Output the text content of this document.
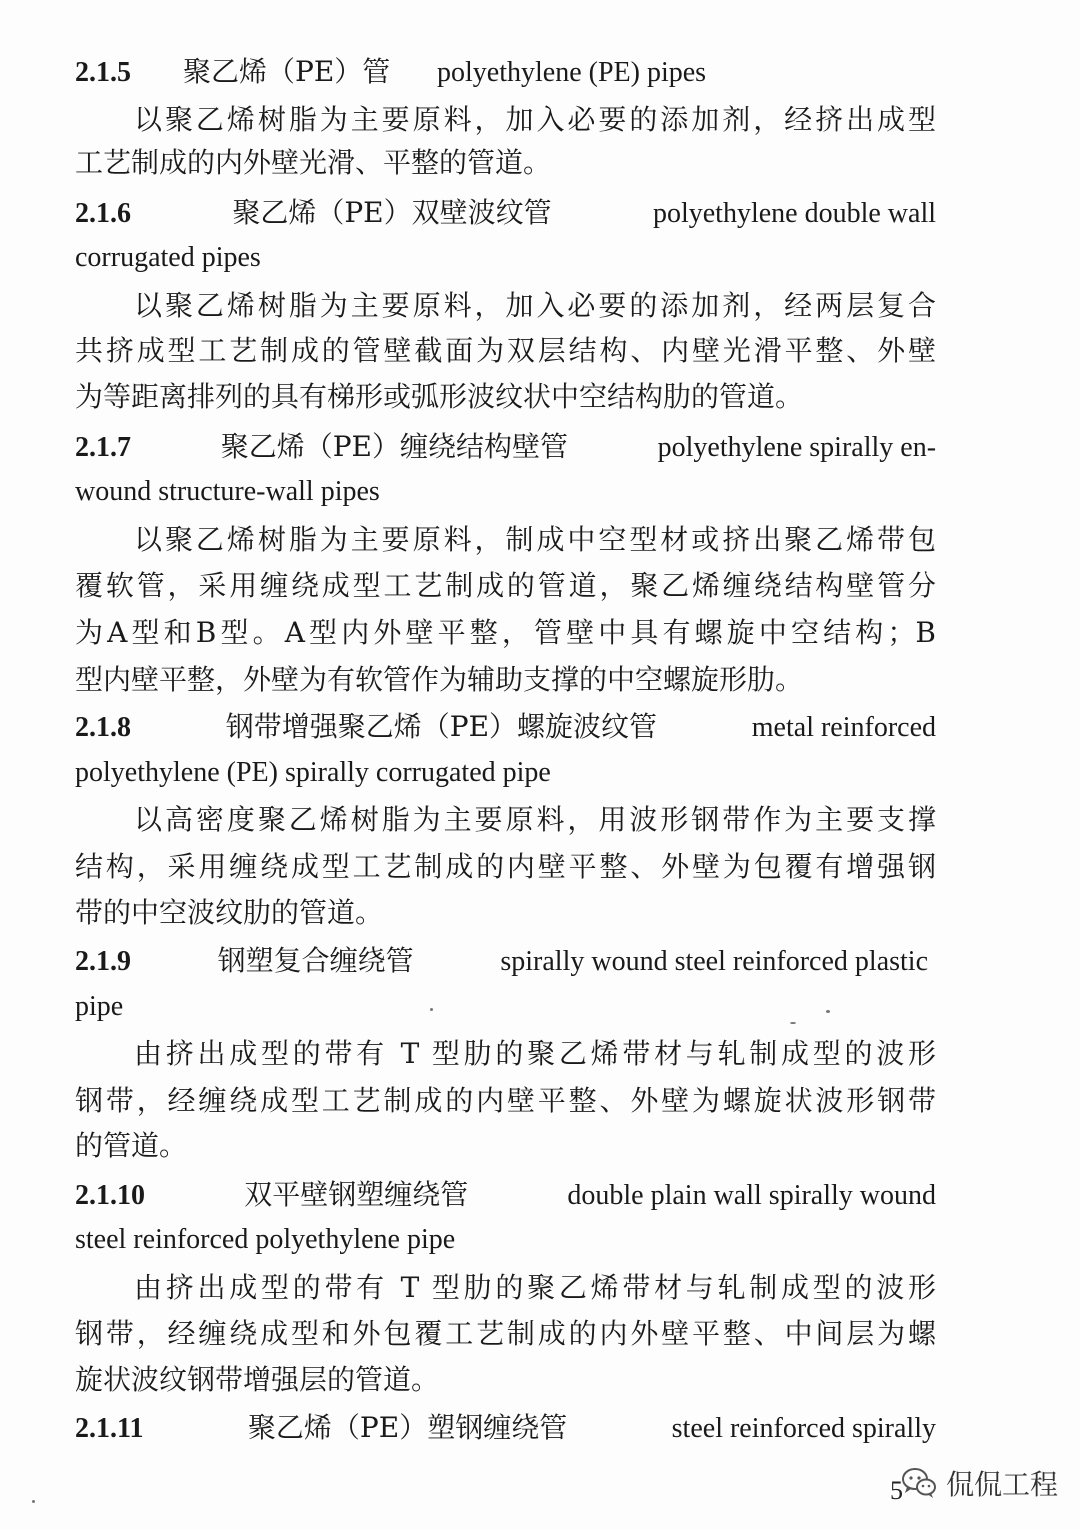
2.1.5 聚乙烯（PE）管 polyethylene (PE) pipes
以聚乙烯树脂为主要原料，加入必要的添加剂，经挤出成型
工艺制成的内外壁光滑、平整的管道。
2.1.6	聚乙烯（PE）双壁波纹管	polyethylene double wall
corrugated pipes
以聚乙烯树脂为主要原料，加入必要的添加剂，经两层复合
共挤成型工艺制成的管壁截面为双层结构、内壁光滑平整、外壁
为等距离排列的具有梯形或弧形波纹状中空结构肋的管道。
2.1.7	聚乙烯（PE）缠绕结构壁管	polyethylene spirally en-
wound structure-wall pipes
以聚乙烯树脂为主要原料，制成中空型材或挤出聚乙烯带包
覆软管，采用缠绕成型工艺制成的管道，聚乙烯缠绕结构壁管分
为A型和B型。A型内外壁平整，管壁中具有螺旋中空结构；B
型内壁平整，外壁为有软管作为辅助支撑的中空螺旋形肋。
2.1.8	钢带增强聚乙烯（PE）螺旋波纹管	metal reinforced
polyethylene (PE) spirally corrugated pipe
以高密度聚乙烯树脂为主要原料，用波形钢带作为主要支撑
结构，采用缠绕成型工艺制成的内壁平整、外壁为包覆有增强钢
带的中空波纹肋的管道。
2.1.9	钢塑复合缠绕管	spirally wound steel reinforced plastic
pipe
由挤出成型的带有 T 型肋的聚乙烯带材与轧制成型的波形
钢带，经缠绕成型工艺制成的内壁平整、外壁为螺旋状波形钢带
的管道。
2.1.10	双平壁钢塑缠绕管	double plain wall spirally wound
steel reinforced polyethylene pipe
由挤出成型的带有 T 型肋的聚乙烯带材与轧制成型的波形
钢带，经缠绕成型和外包覆工艺制成的内外壁平整、中间层为螺
旋状波纹钢带增强层的管道。
2.1.11	聚乙烯（PE）塑钢缠绕管	steel reinforced spirally
5 侃侃工程
